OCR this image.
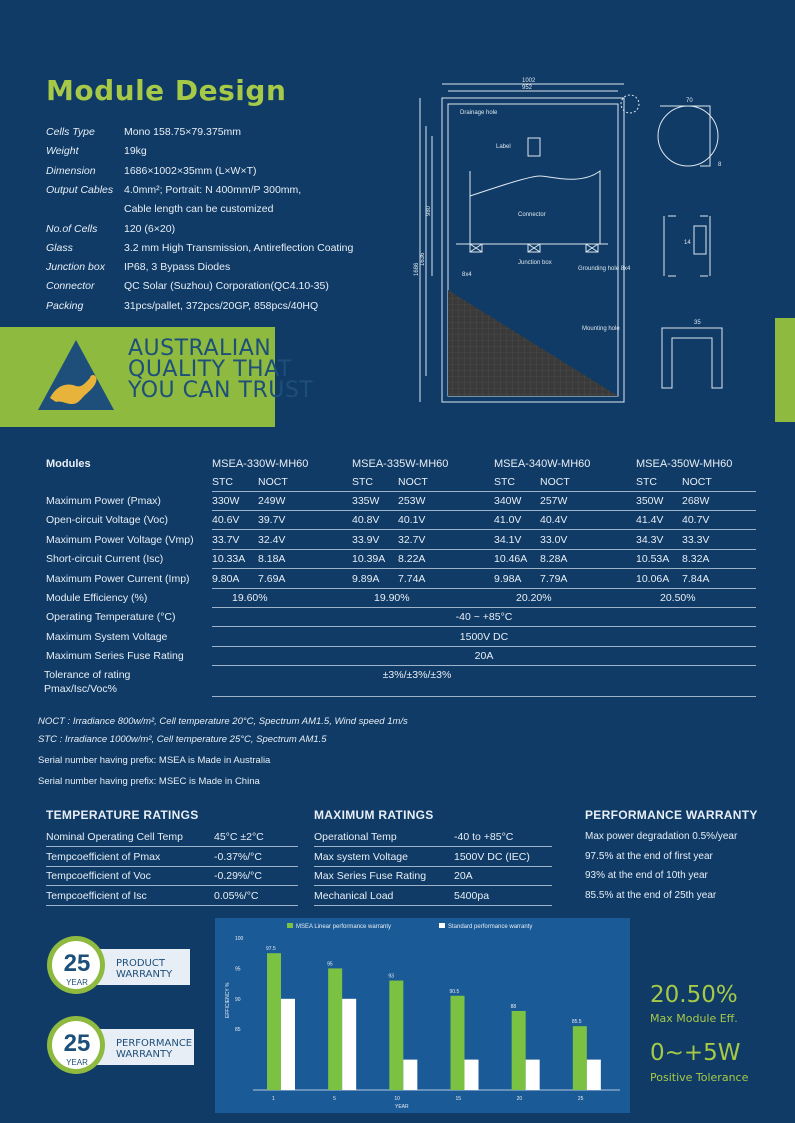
Module Design
Cells Type	Mono 158.75×79.375mm
Weight	19kg
Dimension	1686×1002×35mm (L×W×T)
Output Cables	4.0mm²; Portrait: N 400mm/P 300mm,
Cable length can be customized
No.of Cells	120 (6×20)
Glass	3.2 mm High Transmission, Antireflection Coating
Junction box	IP68, 3 Bypass Diodes
Connector	QC Solar (Suzhou) Corporation(QC4.10-35)
Packing	31pcs/pallet, 372pcs/20GP, 858pcs/40HQ
AUSTRALIAN
QUALITY THAT
YOU CAN TRUST
1002
952
Drainage hole
Label
Connector
Junction box
Grounding hole 8x4
Mounting hole
8x4
70
8
14
35
1686
1636
980
Modules	MSEA-330W-MH60	MSEA-335W-MH60	MSEA-340W-MH60	MSEA-350W-MH60
STC NOCT	STC NOCT	STC NOCT	STC NOCT
Maximum Power (Pmax)	330W 249W	335W 253W	340W 257W	350W 268W
Open-circuit Voltage (Voc)	40.6V 39.7V	40.8V 40.1V	41.0V 40.4V	41.4V 40.7V
Maximum Power Voltage (Vmp) 33.7V 32.4V	33.9V 32.7V	34.1V 33.0V	34.3V 33.3V
Short-circuit Current (Isc)	10.33A 8.18A	10.39A 8.22A	10.46A 8.28A	10.53A 8.32A
Maximum Power Current (Imp) 9.80A 7.69A	9.89A 7.74A	9.98A 7.79A	10.06A 7.84A
Module Efficiency (%)	19.60%	19.90%	20.20%	20.50%
Operating Temperature (°C)	-40 ~ +85°C
Maximum System Voltage	1500V DC
Maximum Series Fuse Rating	20A
Tolerance of rating
Pmax/Isc/Voc%
±3%/±3%/±3%
NOCT : Irradiance 800w/m², Cell temperature 20°C, Spectrum AM1.5, Wind speed 1m/s
STC : Irradiance 1000w/m², Cell temperature 25°C, Spectrum AM1.5
Serial number having prefix: MSEA is Made in Australia
Serial number having prefix: MSEC is Made in China
TEMPERATURE RATINGS	MAXIMUM RATINGS	PERFORMANCE WARRANTY
Nominal Operating Cell Temp	45°C ±2°C
Tempcoefficient of Pmax	-0.37%/°C
Tempcoefficient of Voc	-0.29%/°C
Tempcoefficient of Isc	0.05%/°C
Operational Temp	-40 to +85°C
Max system Voltage	1500V DC (IEC)
Max Series Fuse Rating	20A
Mechanical Load	5400pa
Max power degradation 0.5%/year
97.5% at the end of first year
93% at the end of 10th year
85.5% at the end of 25th year
25
YEAR
PRODUCT
WARRANTY
25
YEAR
PERFORMANCE
WARRANTY
MSEA Linear performance warranty	Standard performance warranty
100
95
90
85
EFFICIENCY %
97.5
1
95
5
93
10
90.5
15
88
20
85.5
25
YEAR
20.50%
Max Module Eff.
0~+5W
Positive Tolerance
